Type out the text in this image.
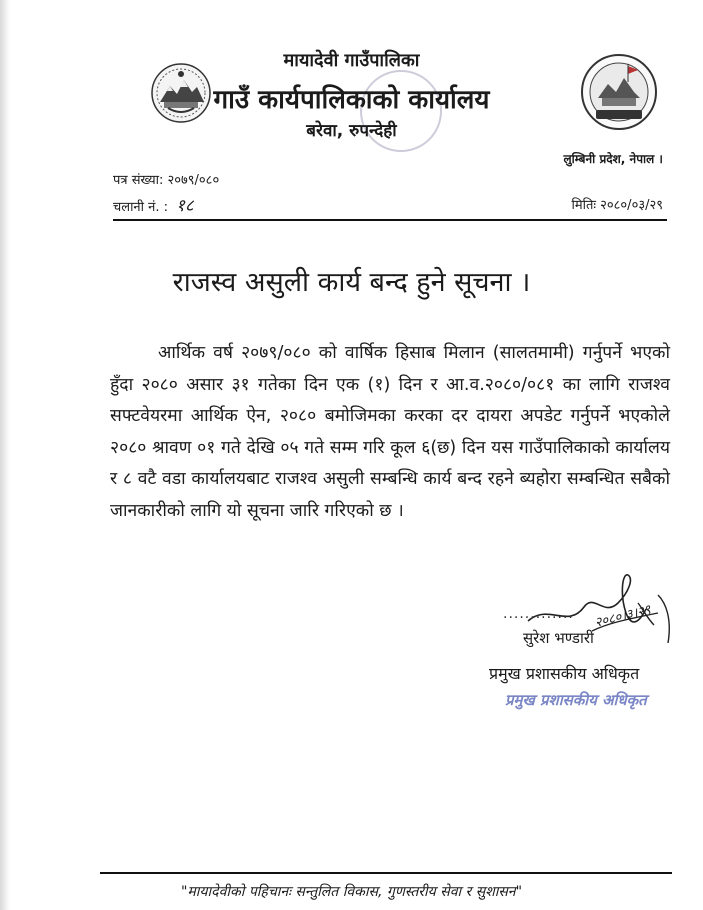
मायादेवी गाउँपालिका
गाउँ कार्यपालिकाको कार्यालय
बरेवा, रुपन्देही
लुम्बिनी प्रदेश, नेपाल ।
पत्र संख्या: २०७९/०८०
चलानी नं. : १८	मितिः २०८०/०३/२९
राजस्व असुली कार्य बन्द हुने सूचना ।

आर्थिक वर्ष २०७९/०८० को वार्षिक हिसाब मिलान (सालतमामी) गर्नुपर्ने भएको हुँदा २०८० असार ३१ गतेका दिन एक (१) दिन र आ.व.२०८०/०८१ का लागि राजश्व सफ्टवेयरमा आर्थिक ऐन, २०८० बमोजिमका करका दर दायरा अपडेट गर्नुपर्ने भएकोले २०८० श्रावण ०१ गते देखि ०५ गते सम्म गरि कूल ६(छ) दिन यस गाउँपालिकाको कार्यालय र ८ वटै वडा कार्यालयबाट राजश्व असुली सम्बन्धि कार्य बन्द रहने ब्यहोरा सम्बन्धित सबैको जानकारीको लागि यो सूचना जारि गरिएको छ ।

२०८०।३।२९
.............
सुरेश भण्डारी
प्रमुख प्रशासकीय अधिकृत
प्रमुख प्रशासकीय अधिकृत
"मायादेवीको पहिचानः सन्तुलित विकास, गुणस्तरीय सेवा र सुशासन"
